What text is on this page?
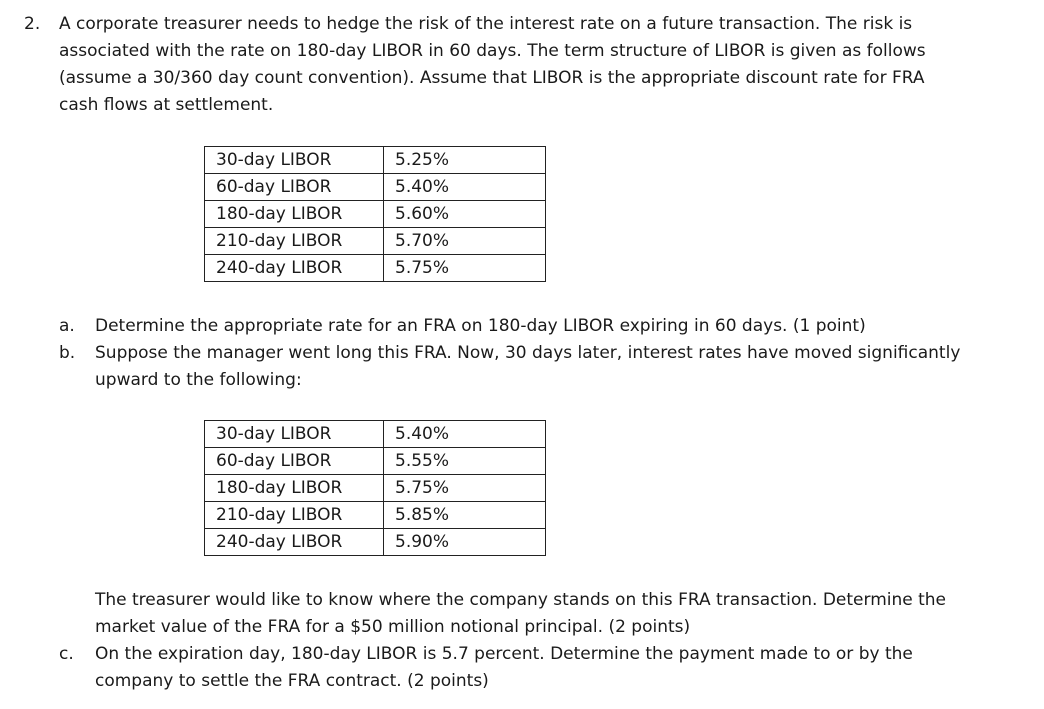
2. A corporate treasurer needs to hedge the risk of the interest rate on a future transaction. The risk is
associated with the rate on 180-day LIBOR in 60 days. The term structure of LIBOR is given as follows
(assume a 30/360 day count convention). Assume that LIBOR is the appropriate discount rate for FRA
cash flows at settlement.
30-day LIBOR	5.25%
60-day LIBOR	5.40%
180-day LIBOR	5.60%
210-day LIBOR	5.70%
240-day LIBOR	5.75%
a. Determine the appropriate rate for an FRA on 180-day LIBOR expiring in 60 days. (1 point)
b. Suppose the manager went long this FRA. Now, 30 days later, interest rates have moved significantly
upward to the following:
30-day LIBOR	5.40%
60-day LIBOR	5.55%
180-day LIBOR	5.75%
210-day LIBOR	5.85%
240-day LIBOR	5.90%
The treasurer would like to know where the company stands on this FRA transaction. Determine the
market value of the FRA for a $50 million notional principal. (2 points)
c. On the expiration day, 180-day LIBOR is 5.7 percent. Determine the payment made to or by the
company to settle the FRA contract. (2 points)
